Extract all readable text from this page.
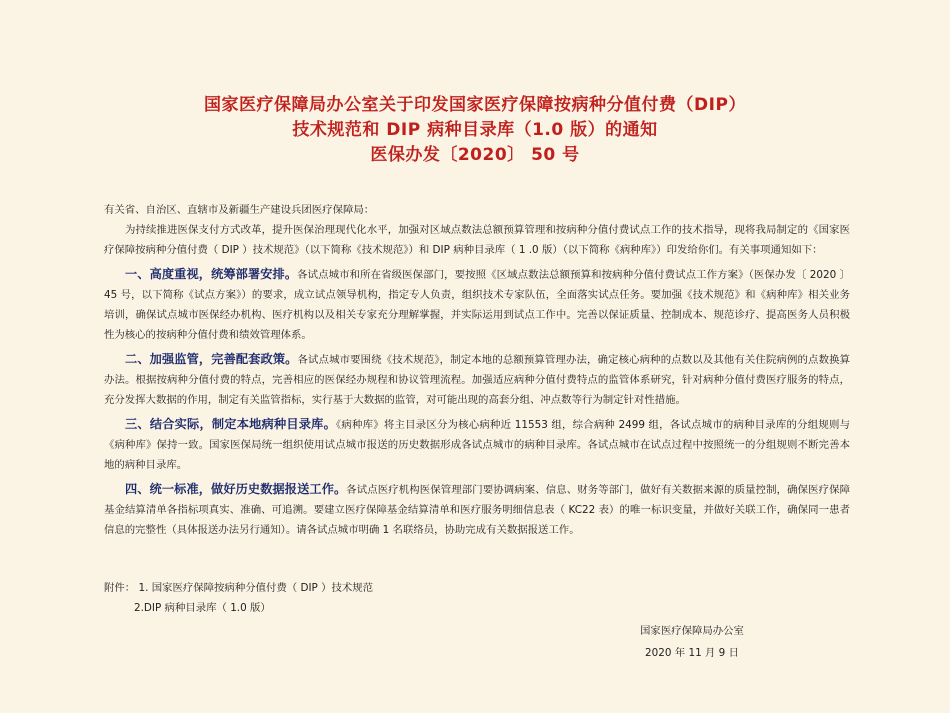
国家医疗保障局办公室关于印发国家医疗保障按病种分值付费（DIP）
技术规范和 DIP 病种目录库（1.0 版）的通知
医保办发〔2020〕 50 号
有关省、自治区、直辖市及新疆生产建设兵团医疗保障局：

为持续推进医保支付方式改革，提升医保治理现代化水平，加强对区域点数法总额预算管理和按病种分值付费试点工作的技术指导，现将我局制定的《国家医疗保障按病种分值付费（ DIP ）技术规范》（以下简称《技术规范》）和 DIP 病种目录库（ 1 .0 版）（以下简称《病种库》）印发给你们。有关事项通知如下：

一、高度重视，统筹部署安排。各试点城市和所在省级医保部门，要按照《区域点数法总额预算和按病种分值付费试点工作方案》（医保办发〔 2020 〕 45 号，以下简称《试点方案》）的要求，成立试点领导机构，指定专人负责，组织技术专家队伍，全面落实试点任务。要加强《技术规范》和《病种库》相关业务培训，确保试点城市医保经办机构、医疗机构以及相关专家充分理解掌握，并实际运用到试点工作中。完善以保证质量、控制成本、规范诊疗、提高医务人员积极性为核心的按病种分值付费和绩效管理体系。

二、加强监管，完善配套政策。各试点城市要围绕《技术规范》，制定本地的总额预算管理办法，确定核心病种的点数以及其他有关住院病例的点数换算办法。根据按病种分值付费的特点，完善相应的医保经办规程和协议管理流程。加强适应病种分值付费特点的监管体系研究，针对病种分值付费医疗服务的特点，充分发挥大数据的作用，制定有关监管指标，实行基于大数据的监管，对可能出现的高套分组、冲点数等行为制定针对性措施。

三、结合实际，制定本地病种目录库。《病种库》将主目录区分为核心病种近 11553 组，综合病种 2499 组，各试点城市的病种目录库的分组规则与《病种库》保持一致。国家医保局统一组织使用试点城市报送的历史数据形成各试点城市的病种目录库。各试点城市在试点过程中按照统一的分组规则不断完善本地的病种目录库。

四、统一标准，做好历史数据报送工作。各试点医疗机构医保管理部门要协调病案、信息、财务等部门，做好有关数据来源的质量控制，确保医疗保障基金结算清单各指标项真实、准确、可追溯。要建立医疗保障基金结算清单和医疗服务明细信息表（ KC22 表）的唯一标识变量，并做好关联工作，确保同一患者信息的完整性（具体报送办法另行通知）。请各试点城市明确 1 名联络员，协助完成有关数据报送工作。

附件： 1. 国家医疗保障按病种分值付费（ DIP ）技术规范
2.DIP 病种目录库（ 1.0 版）
国家医疗保障局办公室
2020 年 11 月 9 日
